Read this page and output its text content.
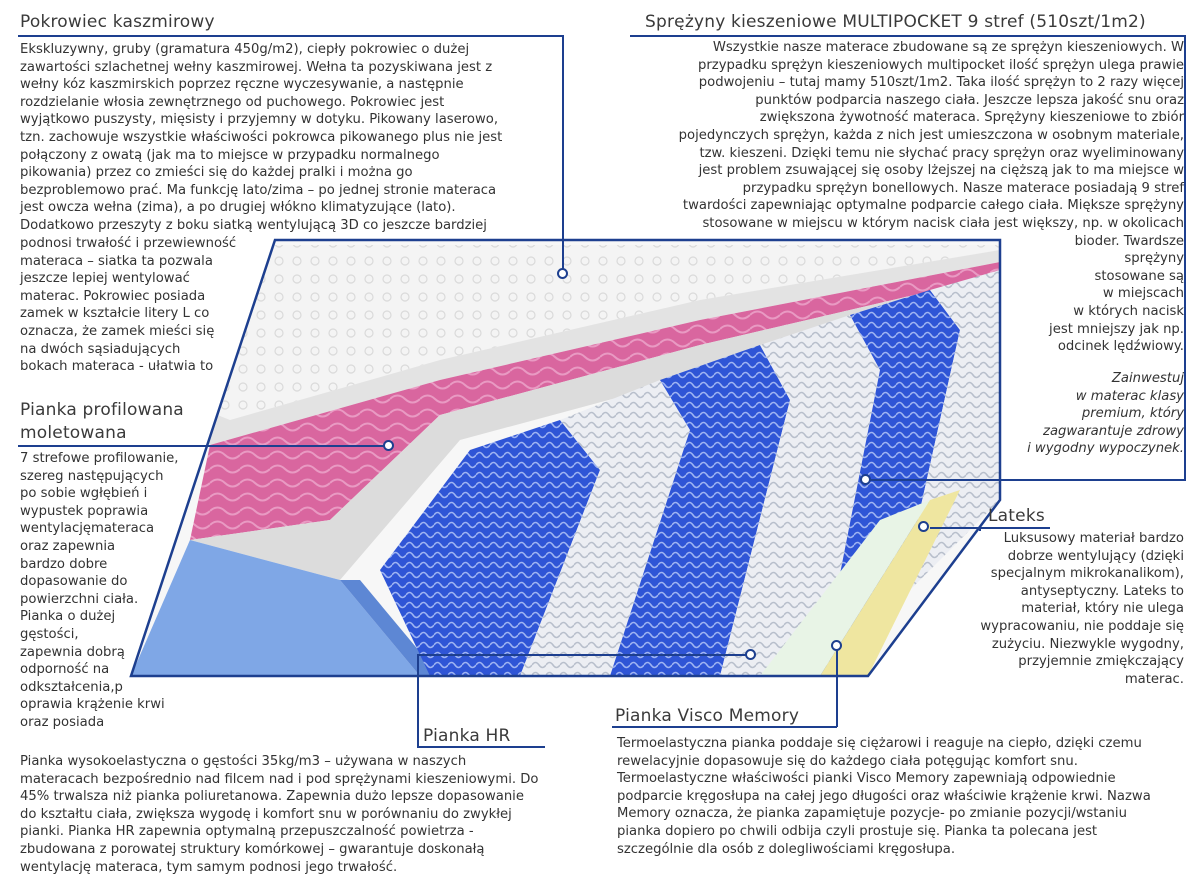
Pokrowiec kaszmirowy

Ekskluzywny, gruby (gramatura 450g/m2), ciepły pokrowiec o dużej
zawartości szlachetnej wełny kaszmirowej. Wełna ta pozyskiwana jest z
wełny kóz kaszmirskich poprzez ręczne wyczesywanie, a następnie
rozdzielanie włosia zewnętrznego od puchowego. Pokrowiec jest
wyjątkowo puszysty, mięsisty i przyjemny w dotyku. Pikowany laserowo,
tzn. zachowuje wszystkie właściwości pokrowca pikowanego plus nie jest
połączony z owatą (jak ma to miejsce w przypadku normalnego
pikowania) przez co zmieści się do każdej pralki i można go
bezproblemowo prać. Ma funkcję lato/zima – po jednej stronie materaca
jest owcza wełna (zima), a po drugiej włókno klimatyzujące (lato).
Dodatkowo przeszyty z boku siatką wentylującą 3D co jeszcze bardziej

podnosi trwałość i przewiewność
materaca – siatka ta pozwala
jeszcze lepiej wentylować
materac. Pokrowiec posiada
zamek w kształcie litery L co
oznacza, że zamek mieści się
na dwóch sąsiadujących
bokach materaca - ułatwia to

Sprężyny kieszeniowe MULTIPOCKET 9 stref (510szt/1m2)

Wszystkie nasze materace zbudowane są ze sprężyn kieszeniowych. W
przypadku sprężyn kieszeniowych multipocket ilość sprężyn ulega prawie
podwojeniu – tutaj mamy 510szt/1m2. Taka ilość sprężyn to 2 razy więcej
punktów podparcia naszego ciała. Jeszcze lepsza jakość snu oraz
zwiększona żywotność materaca. Sprężyny kieszeniowe to zbiór
pojedynczych sprężyn, każda z nich jest umieszczona w osobnym materiale,
tzw. kieszeni. Dzięki temu nie słychać pracy sprężyn oraz wyeliminowany
jest problem zsuwającej się osoby lżejszej na cięższą jak to ma miejsce w
przypadku sprężyn bonellowych. Nasze materace posiadają 9 stref
twardości zapewniając optymalne podparcie całego ciała. Miększe sprężyny
stosowane w miejscu w którym nacisk ciała jest większy, np. w okolicach
bioder. Twardsze
sprężyny
stosowane są
w miejscach
w których nacisk
jest mniejszy jak np.
odcinek lędźwiowy.

Zainwestuj
w materac klasy
premium, który
zagwarantuje zdrowy
i wygodny wypoczynek.

Pianka profilowana
moletowana

7 strefowe profilowanie,
szereg następujących
po sobie wgłębień i
wypustek poprawia
wentylacjęmateraca
oraz zapewnia
bardzo dobre
dopasowanie do
powierzchni ciała.
Pianka o dużej
gęstości,
zapewnia dobrą
odporność na
odkształcenia,p
oprawia krążenie krwi
oraz posiada

Lateks

Luksusowy materiał bardzo
dobrze wentylujący (dzięki
specjalnym mikrokanalikom),
antyseptyczny. Lateks to
materiał, który nie ulega
wypracowaniu, nie poddaje się
zużyciu. Niezwykle wygodny,
przyjemnie zmiękczający
materac.

Pianka HR

Pianka wysokoelastyczna o gęstości 35kg/m3 – używana w naszych
materacach bezpośrednio nad filcem nad i pod sprężynami kieszeniowymi. Do
45% trwalsza niż pianka poliuretanowa. Zapewnia dużo lepsze dopasowanie
do kształtu ciała, zwiększa wygodę i komfort snu w porównaniu do zwykłej
pianki. Pianka HR zapewnia optymalną przepuszczalność powietrza -
zbudowana z porowatej struktury komórkowej – gwarantuje doskonałą
wentylację materaca, tym samym podnosi jego trwałość.

Pianka Visco Memory

Termoelastyczna pianka poddaje się ciężarowi i reaguje na ciepło, dzięki czemu
rewelacyjnie dopasowuje się do każdego ciała potęgując komfort snu.
Termoelastyczne właściwości pianki Visco Memory zapewniają odpowiednie
podparcie kręgosłupa na całej jego długości oraz właściwie krążenie krwi. Nazwa
Memory oznacza, że pianka zapamiętuje pozycje- po zmianie pozycji/wstaniu
pianka dopiero po chwili odbija czyli prostuje się. Pianka ta polecana jest
szczególnie dla osób z dolegliwościami kręgosłupa.
